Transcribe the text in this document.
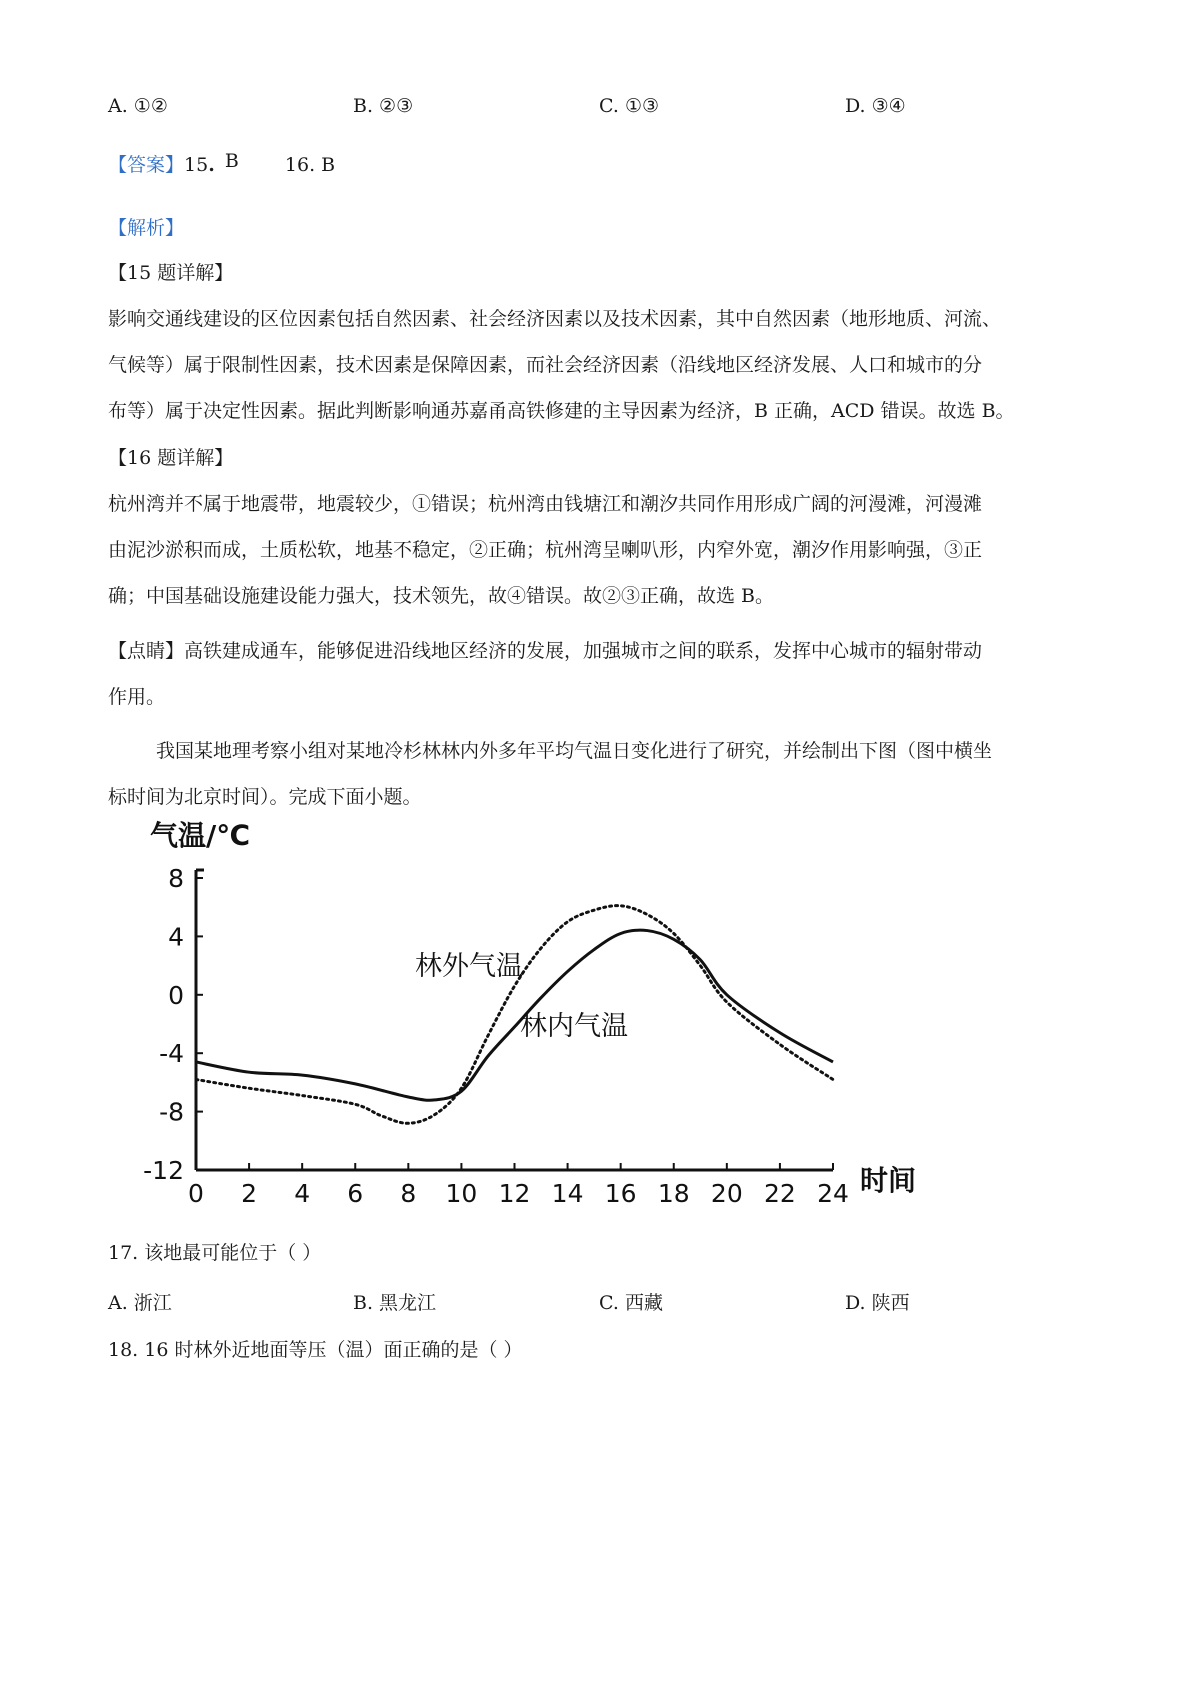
A. ①②	B. ②③	C. ①③	D. ③④
【答案】15. B 16. B
【解析】

【15 题详解】

影响交通线建设的区位因素包括自然因素、社会经济因素以及技术因素，其中自然因素（地形地质、河流、

气候等）属于限制性因素，技术因素是保障因素，而社会经济因素（沿线地区经济发展、人口和城市的分

布等）属于决定性因素。据此判断影响通苏嘉甬高铁修建的主导因素为经济，B 正确，ACD 错误。故选 B。

【16 题详解】

杭州湾并不属于地震带，地震较少，①错误；杭州湾由钱塘江和潮汐共同作用形成广阔的河漫滩，河漫滩

由泥沙淤积而成，土质松软，地基不稳定，②正确；杭州湾呈喇叭形，内窄外宽，潮汐作用影响强，③正

确；中国基础设施建设能力强大，技术领先，故④错误。故②③正确，故选 B。

【点睛】高铁建成通车，能够促进沿线地区经济的发展，加强城市之间的联系，发挥中心城市的辐射带动

作用。

我国某地理考察小组对某地冷杉林林内外多年平均气温日变化进行了研究，并绘制出下图（图中横坐

标时间为北京时间）。完成下面小题。

气温/℃
时间
林外气温
林内气温
8
4
0
-4
-8
-12
0 2 4 6 8 10 12 14 16 18 20 22 24
17. 该地最可能位于（ ）
A. 浙江	B. 黑龙江	C. 西藏	D. 陕西
18. 16 时林外近地面等压（温）面正确的是（ ）
